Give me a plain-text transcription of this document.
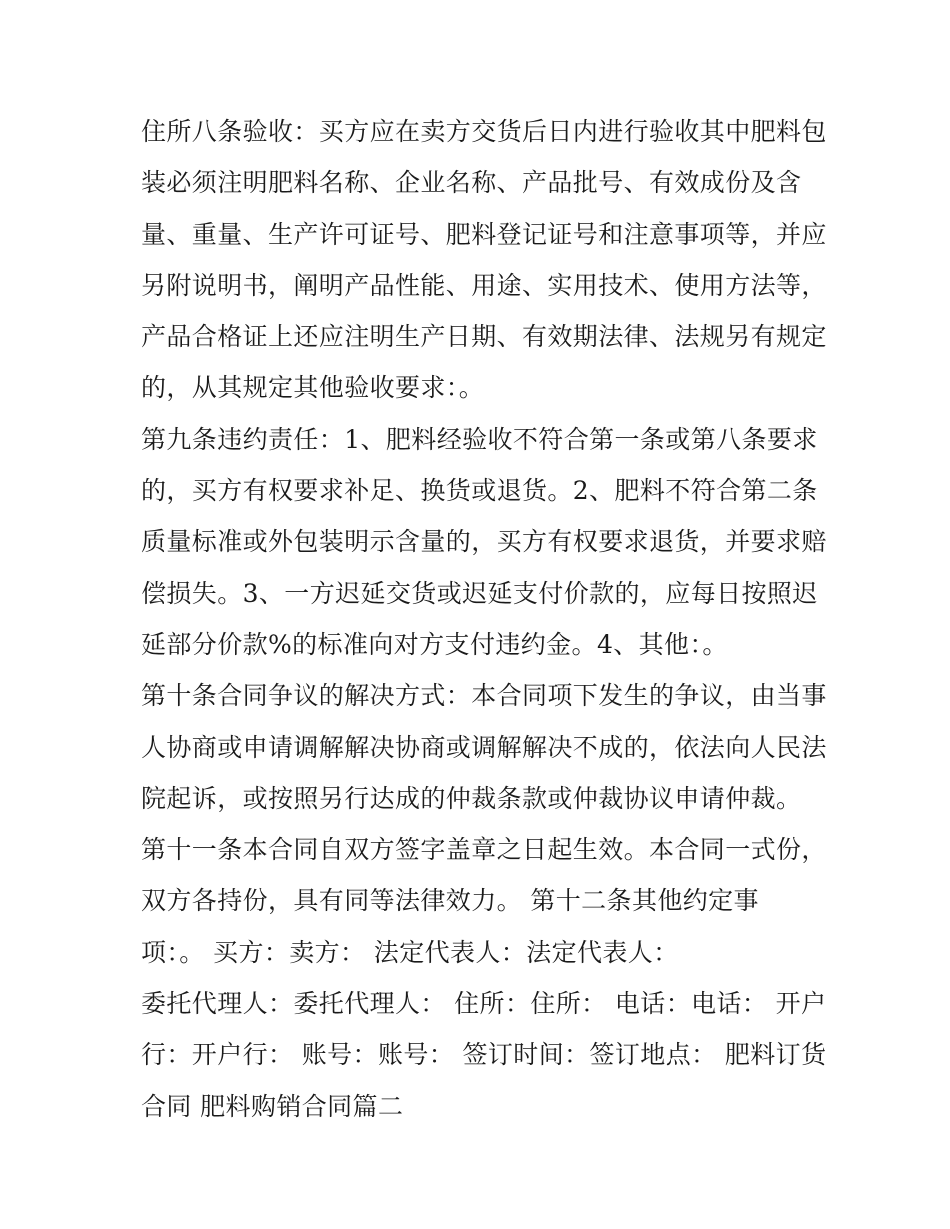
住所八条验收：买方应在卖方交货后日内进行验收其中肥料包
装必须注明肥料名称、企业名称、产品批号、有效成份及含
量、重量、生产许可证号、肥料登记证号和注意事项等，并应
另附说明书，阐明产品性能、用途、实用技术、使用方法等，
产品合格证上还应注明生产日期、有效期法律、法规另有规定
的，从其规定其他验收要求：。
第九条违约责任：1、肥料经验收不符合第一条或第八条要求
的，买方有权要求补足、换货或退货。2、肥料不符合第二条
质量标准或外包装明示含量的，买方有权要求退货，并要求赔
偿损失。3、一方迟延交货或迟延支付价款的，应每日按照迟
延部分价款%的标准向对方支付违约金。4、其他：。
第十条合同争议的解决方式：本合同项下发生的争议，由当事
人协商或申请调解解决协商或调解解决不成的，依法向人民法
院起诉，或按照另行达成的仲裁条款或仲裁协议申请仲裁。
第十一条本合同自双方签字盖章之日起生效。本合同一式份，
双方各持份，具有同等法律效力。 第十二条其他约定事
项：。 买方：卖方： 法定代表人：法定代表人：
委托代理人：委托代理人： 住所：住所： 电话：电话： 开户
行：开户行： 账号：账号： 签订时间：签订地点： 肥料订货
合同 肥料购销合同篇二
